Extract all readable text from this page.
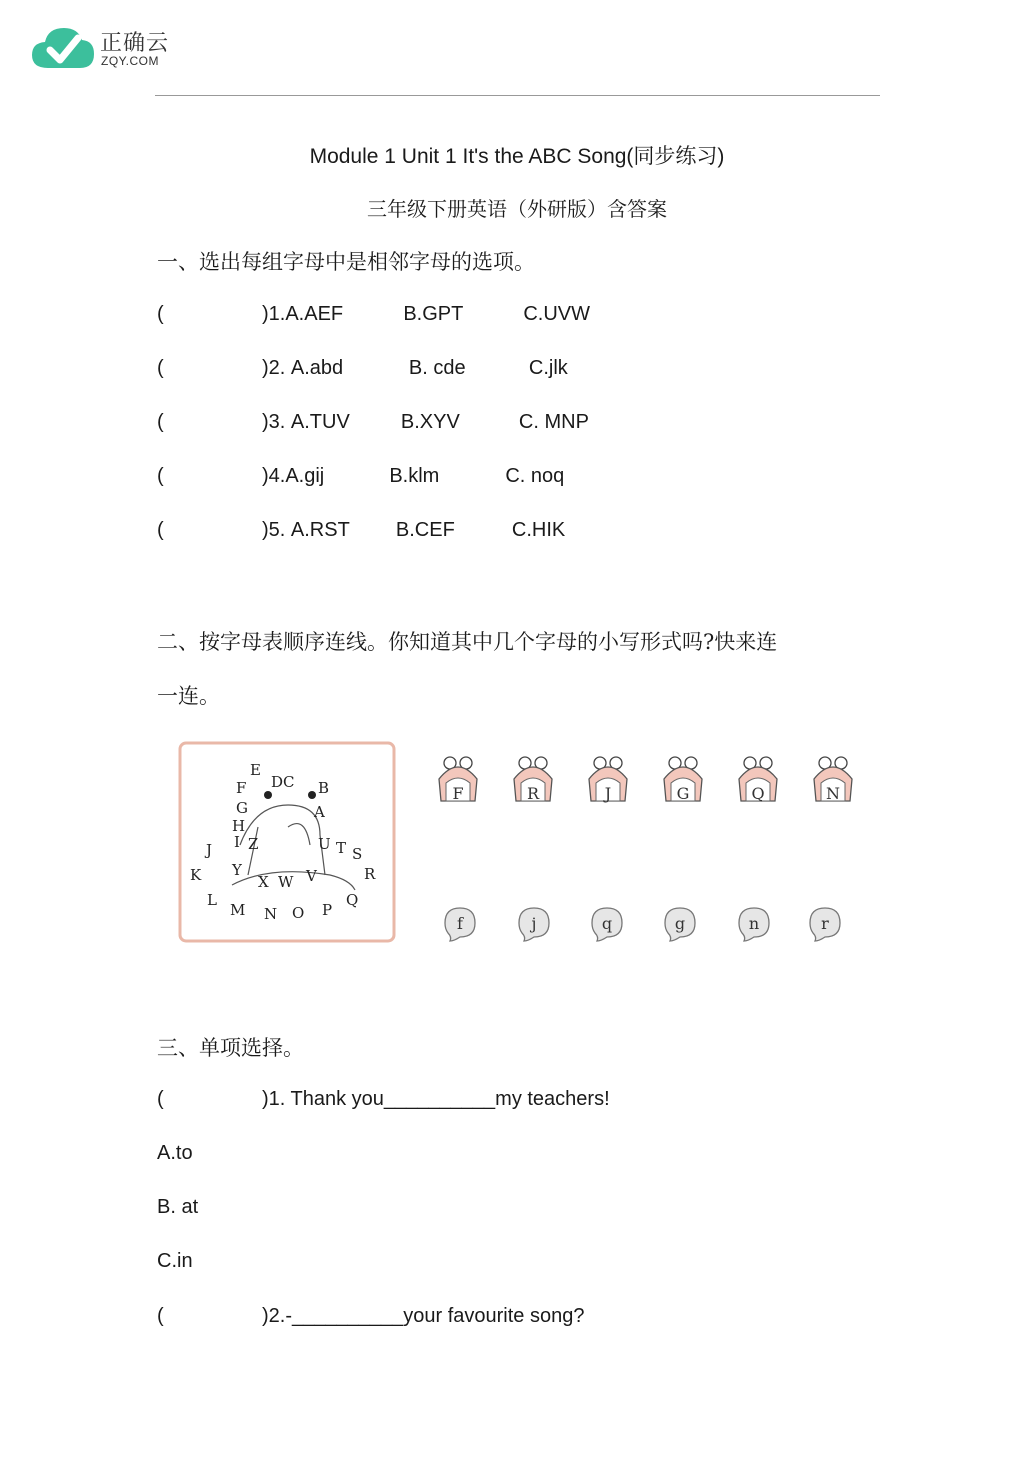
正确云
ZQY.COM
Module 1 Unit 1 It's the ABC Song(同步练习)
三年级下册英语（外研版）含答案
一、选出每组字母中是相邻字母的选项。
(	)1.A.AEF	B.GPT	C.UVW
(	)2. A.abd	B. cde	C.jlk
(	)3. A.TUV	B.XYV	C. MNP
(	)4.A.gij	B.klm	C. noq
(	)5. A.RST B.CEF	C.HIK
二、按字母表顺序连线。你知道其中几个字母的小写形式吗?快来连
一连。
E
F DC B
G	A
H
I Z	U T S
J
Y	R
K	X W V
L
M N O P
Q
F	R	J	G	Q	N
f	j	q	g	n	r
三、单项选择。
(	)1. Thank you__________my teachers!
A.to
B. at
C.in
(	)2.-__________your favourite song?
